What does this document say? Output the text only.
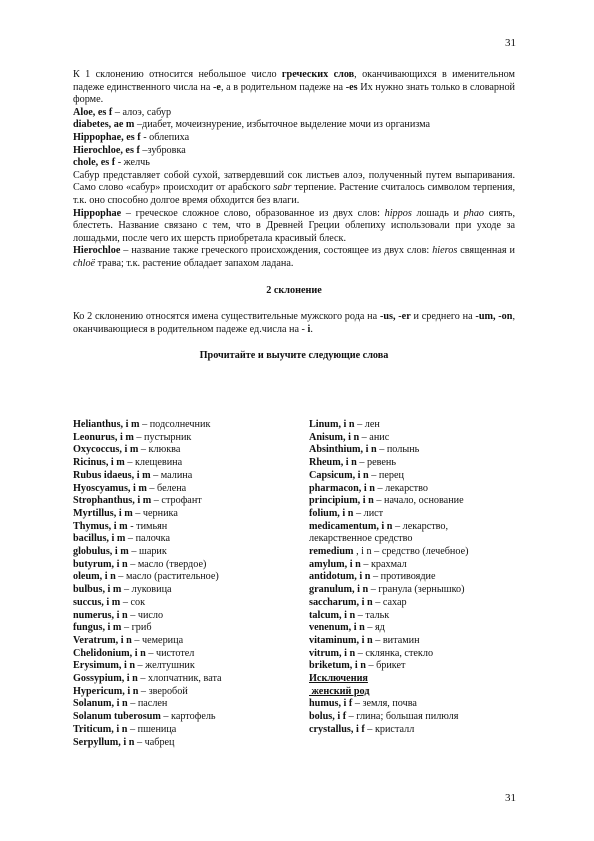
31

К 1 склонению относится небольшое число греческих слов, оканчивающихся в именительном падеже единственного числа на -е, а в родительном падеже на -es Их нужно знать только в словарной форме.

Aloe, es f – алоэ, сабур

diabetes, ae m –диабет, мочеизнурение, избыточное выделение мочи из организма

Hippophae, es f - облепиха

Hierochloe, es f –зубровка

chole, es f - желчь

Сабур представляет собой сухой, затвердевший сок листьев алоэ, полученный путем выпаривания. Само слово «сабур» происходит от арабского sabr терпение. Растение считалось символом терпения, т.к. оно способно долгое время обходится без влаги.

Hippophae – греческое сложное слово, образованное из двух слов: hippos лошадь и phao сиять, блестеть. Название связано с тем, что в Древней Греции облепиху использовали при уходе за лошадьми, после чего их шерсть приобретала красивый блеск.

Hierochloe – название также греческого происхождения, состоящее из двух слов: hieros священная и chloë трава; т.к. растение обладает запахом ладана.

2 склонение

Ко 2 склонению относятся имена существительные мужского рода на -us, -er и среднего на -um, -on, оканчивающиеся в родительном падеже ед.числа на - i.

Прочитайте и выучите следующие слова

Helianthus, i m – подсолнечник
Leonurus, i m – пустырник
Oxycoccus, i m – клюква
Ricinus, i m – клещевина
Rubus idaeus, i m – малина
Hyoscyamus, i m – белена
Strophanthus, i m – строфант
Myrtillus, i m – черника
Thymus, i m - тимьян
bacillus, i m – палочка
globulus, i m – шарик
butyrum, i n – масло (твердое)
oleum, i n – масло (растительное)
bulbus, i m – луковица
succus, i m – сок
numerus, i n – число
fungus, i m – гриб
Veratrum, i n – чемерица
Chelidonium, i n – чистотел
Erysimum, i n – желтушник
Gossypium, i n – хлопчатник, вата
Hypericum, i n – зверобой
Solanum, i n – паслен
Solanum tuberosum – картофель
Triticum, i n – пшеница
Serpyllum, i n – чабрец
Linum, i n – лен
Anisum, i n – анис
Absinthium, i n – полынь
Rheum, i n – ревень
Capsicum, i n – перец
pharmacon, i n – лекарство
principium, i n – начало, основание
folium, i n – лист
medicamentum, i n – лекарство,
лекарственное средство
remedium , i n – средство (лечебное)
amylum, i n – крахмал
antidotum, i n – противоядие
granulum, i n – гранула (зернышко)
saccharum, i n – сахар
talcum, i n – тальк
venenum, i n – яд
vitaminum, i n – витамин
vitrum, i n – склянка, стекло
briketum, i n – брикет
Исключения
женский род
humus, i f – земля, почва
bolus, i f – глина; большая пилюля
crystallus, i f – кристалл
31
